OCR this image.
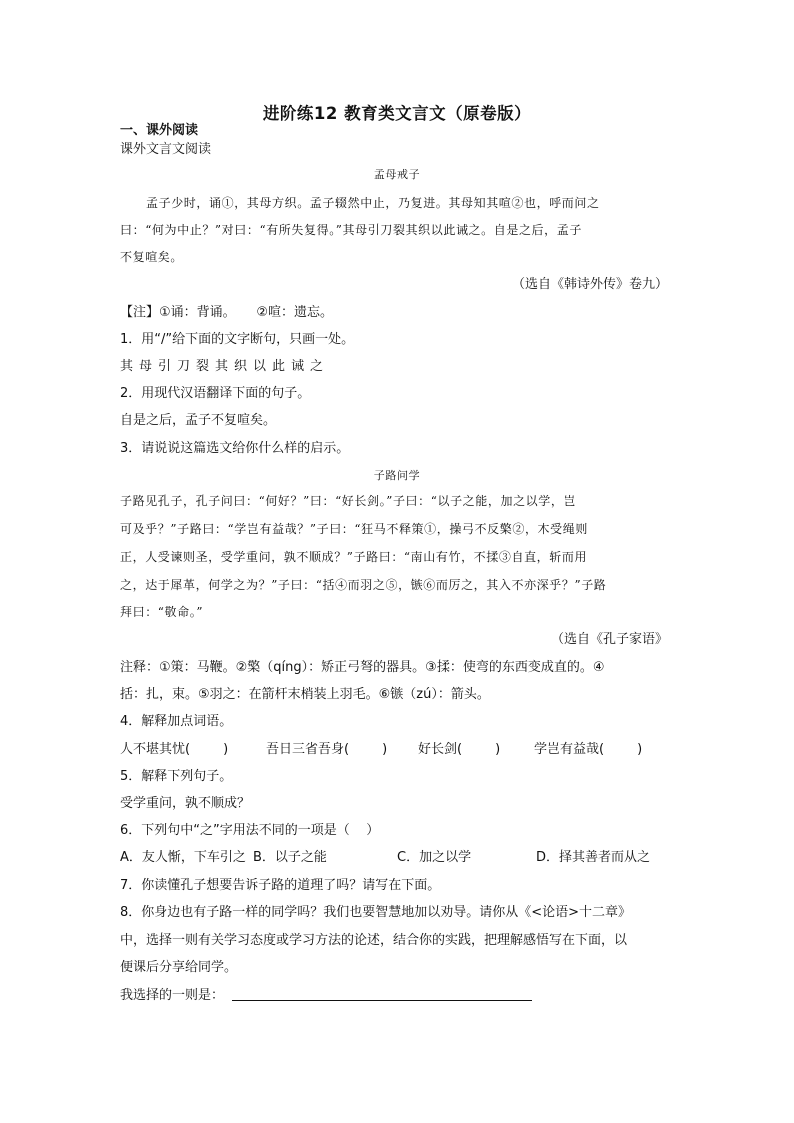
进阶练12 教育类文言文（原卷版）
一、课外阅读
课外文言文阅读
孟母戒子
孟子少时，诵①，其母方织。孟子辍然中止，乃复进。其母知其喧②也，呼而问之
曰：“何为中止？”对曰：“有所失复得。”其母引刀裂其织以此诫之。自是之后，孟子
不复喧矣。
（选自《韩诗外传》卷九）
【注】①诵：背诵。     ②喧：遗忘。
1．用“/”给下面的文字断句，只画一处。
其母引刀裂其织以此诫之
2．用现代汉语翻译下面的句子。
自是之后，孟子不复喧矣。
3．请说说这篇选文给你什么样的启示。
子路问学
子路见孔子，孔子问曰：“何好？”曰：“好长剑。”子曰：“以子之能，加之以学，岂
可及乎？”子路曰：“学岂有益哉？”子曰：“狂马不释策①，操弓不反檠②，木受绳则
正，人受谏则圣，受学重问，孰不顺成？”子路曰：“南山有竹，不揉③自直，斩而用
之，达于犀革，何学之为？”子曰：“括④而羽之⑤，镞⑥而厉之，其入不亦深乎？”子路
拜曰：“敬命。”
（选自《孔子家语》
注释：①策：马鞭。②檠（qíng）：矫正弓弩的器具。③揉：使弯的东西变成直的。④
括：扎，束。⑤羽之：在箭杆末梢装上羽毛。⑥镞（zú）：箭头。
4．解释加点词语。
人不堪其忧(        )	吾日三省吾身(        ) 好长剑(        )	学岂有益哉(        )
5．解释下列句子。
受学重问，孰不顺成？
6．下列句中“之”字用法不同的一项是（    ）
A．友人惭，下车引之 B．以子之能	C．加之以学	D．择其善者而从之
7．你读懂孔子想要告诉子路的道理了吗？请写在下面。
8．你身边也有子路一样的同学吗？我们也要智慧地加以劝导。请你从《<论语>十二章》
中，选择一则有关学习态度或学习方法的论述，结合你的实践，把理解感悟写在下面，以
便课后分享给同学。
我选择的一则是：
